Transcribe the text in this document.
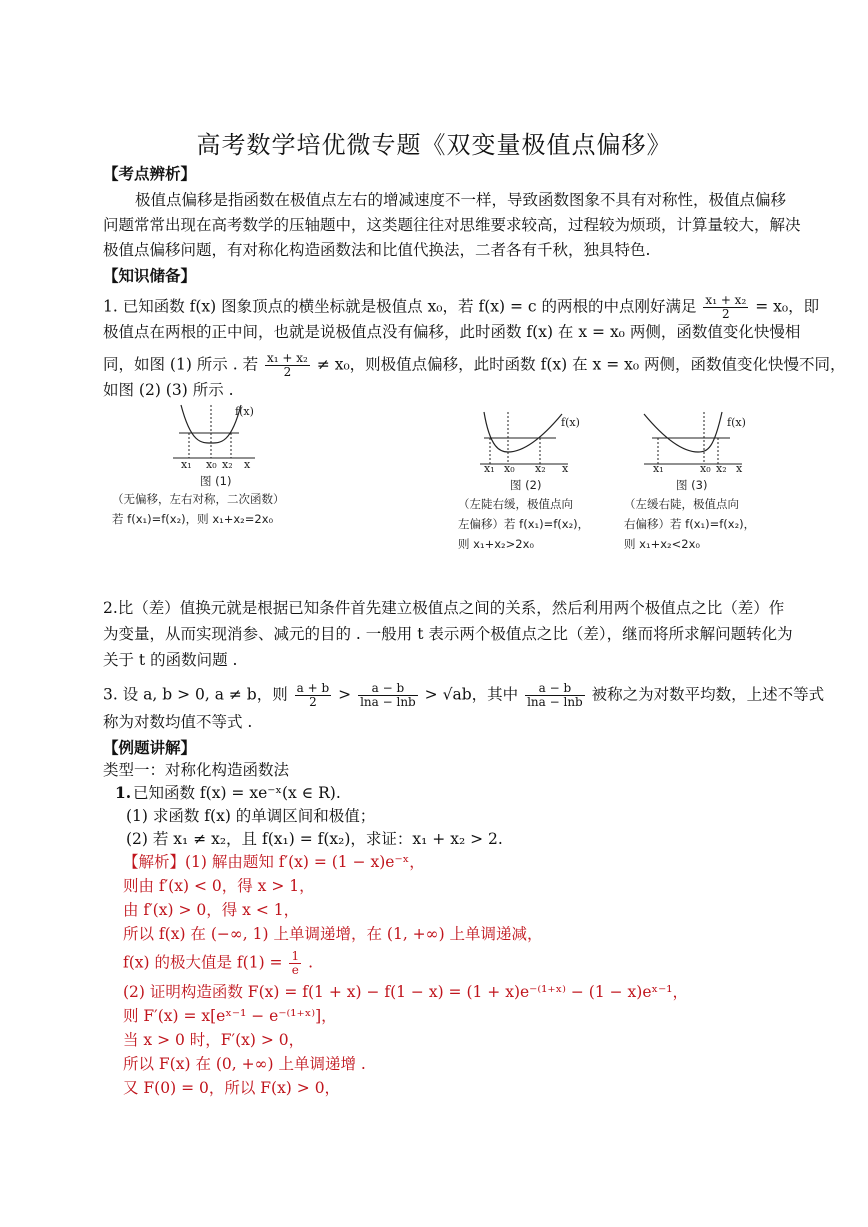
高考数学培优微专题《双变量极值点偏移》
【考点辨析】
极值点偏移是指函数在极值点左右的增减速度不一样，导致函数图象不具有对称性，极值点偏移
问题常常出现在高考数学的压轴题中，这类题往往对思维要求较高，过程较为烦琐，计算量较大，解决
极值点偏移问题，有对称化构造函数法和比值代换法，二者各有千秋，独具特色.
【知识储备】
1. 已知函数 f(x) 图象顶点的横坐标就是极值点 x₀，若 f(x) = c 的两根的中点刚好满足 $\frac{\text{x₁ + x₂}}{2} = x_0$，即
极值点在两根的正中间，也就是说极值点没有偏移，此时函数 f(x) 在 x = x₀ 两侧，函数值变化快慢相
同，如图 (1) 所示 . 若 $\frac{\text{x₁ + x₂}}{2} \ne x_0$，则极值点偏移，此时函数 f(x) 在 x = x₀ 两侧，函数值变化快慢不同，
如图 (2) (3) 所示 .
f(x)
x₁ x₀ x₂ x
图 (1)
（无偏移，左右对称，二次函数）
若 f(x₁)=f(x₂)，则 x₁+x₂=2x₀
f(x)
x₁ x₀ x₂ x
图 (2)
（左陡右缓，极值点向
左偏移）若 f(x₁)=f(x₂)，
则 x₁+x₂>2x₀
f(x)
x₁	x₀ x₂ x
图 (3)
（左缓右陡，极值点向
右偏移）若 f(x₁)=f(x₂)，
则 x₁+x₂<2x₀
2.比（差）值换元就是根据已知条件首先建立极值点之间的关系，然后利用两个极值点之比（差）作
为变量，从而实现消参、减元的目的 . 一般用 t 表示两个极值点之比（差），继而将所求解问题转化为
关于 t 的函数问题 .
3. 设 a, b > 0, a ≠ b，则 $\frac{a + b}{2} > \frac{a - b}{\ln a - \ln b} > √ab$，其中 $\frac{a - b}{\ln a - \ln b}$ 被称之为对数平均数，上述不等式
称为对数均值不等式 .
【例题讲解】
类型一：对称化构造函数法
1. 已知函数 f(x) = xe⁻ˣ(x ∈ R).
(1) 求函数 f(x) 的单调区间和极值；
(2) 若 x₁ ≠ x₂，且 f(x₁) = f(x₂)，求证：x₁ + x₂ > 2.
【解析】(1) 解由题知 f′(x) = (1 − x)e⁻ˣ，
则由 f′(x) < 0，得 x > 1，
由 f′(x) > 0，得 x < 1，
所以 f(x) 在 (−∞, 1) 上单调递增，在 (1, +∞) 上单调递减，
f(x) 的极大值是 $f(1) = \frac{1}{e}$ .
(2) 证明构造函数 F(x) = f(1 + x) − f(1 − x) = (1 + x)e⁻⁽¹⁺ˣ⁾ − (1 − x)eˣ⁻¹，
则 F′(x) = x[eˣ⁻¹ − e⁻⁽¹⁺ˣ⁾]，
当 x > 0 时，F′(x) > 0，
所以 F(x) 在 (0, +∞) 上单调递增 .
又 F(0) = 0，所以 F(x) > 0，
